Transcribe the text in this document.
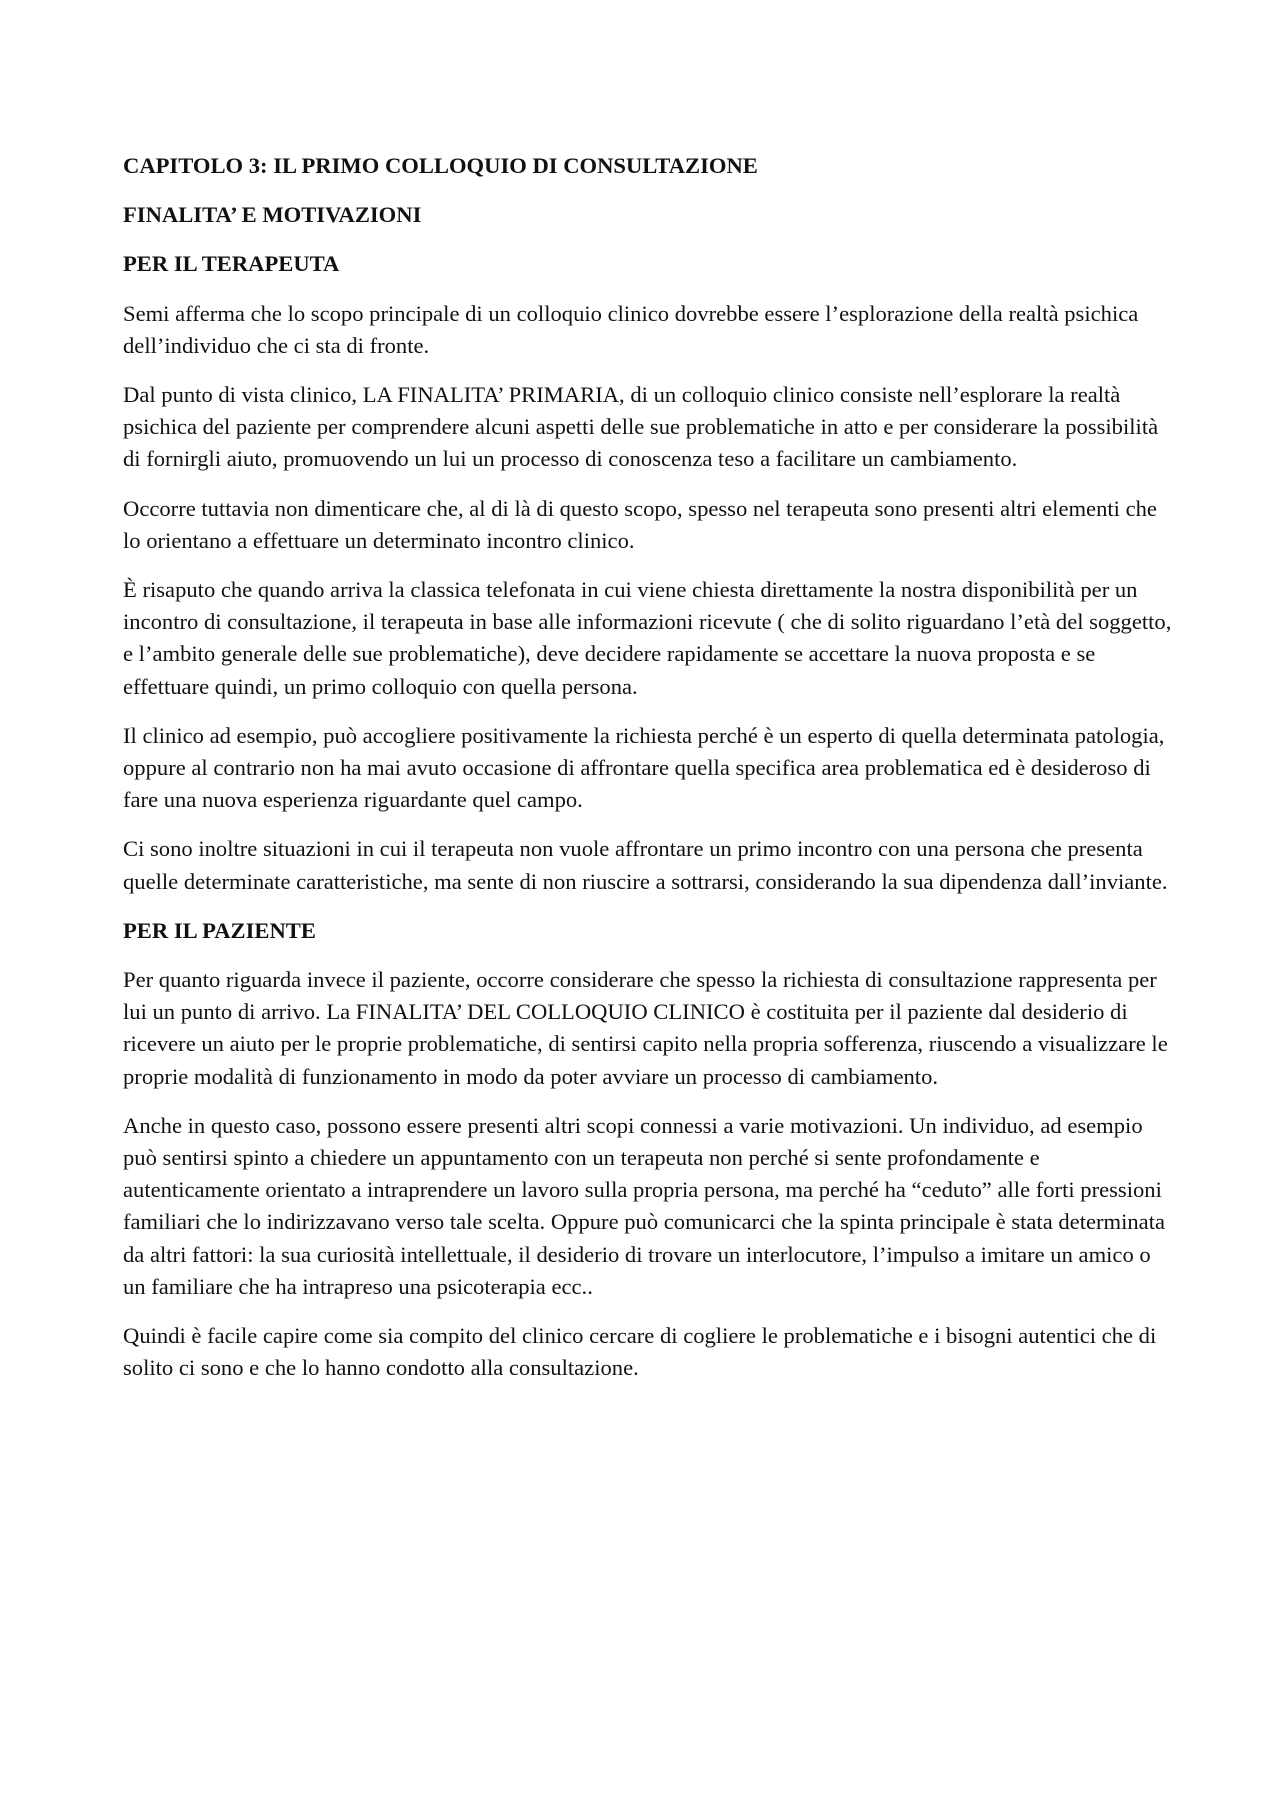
CAPITOLO 3: IL PRIMO COLLOQUIO DI CONSULTAZIONE

FINALITA’ E MOTIVAZIONI

PER IL TERAPEUTA

Semi afferma che lo scopo principale di un colloquio clinico dovrebbe essere l’esplorazione della realtà psichica dell’individuo che ci sta di fronte.

Dal punto di vista clinico, LA FINALITA’ PRIMARIA, di un colloquio clinico consiste nell’esplorare la realtà psichica del paziente per comprendere alcuni aspetti delle sue problematiche in atto e per considerare la possibilità di fornirgli aiuto, promuovendo un lui un processo di conoscenza teso a facilitare un cambiamento.

Occorre tuttavia non dimenticare che, al di là di questo scopo, spesso nel terapeuta sono presenti altri elementi che lo orientano a effettuare un determinato incontro clinico.

È risaputo che quando arriva la classica telefonata in cui viene chiesta direttamente la nostra disponibilità per un incontro di consultazione, il terapeuta in base alle informazioni ricevute ( che di solito riguardano l’età del soggetto, e l’ambito generale delle sue problematiche), deve decidere rapidamente se accettare la nuova proposta e se effettuare quindi, un primo colloquio con quella persona.

Il clinico ad esempio, può accogliere positivamente la richiesta perché è un esperto di quella determinata patologia, oppure al contrario non ha mai avuto occasione di affrontare quella specifica area problematica ed è desideroso di fare una nuova esperienza riguardante quel campo.

Ci sono inoltre situazioni in cui il terapeuta non vuole affrontare un primo incontro con una persona che presenta quelle determinate caratteristiche, ma sente di non riuscire a sottrarsi, considerando la sua dipendenza dall’inviante.

PER IL PAZIENTE

Per quanto riguarda invece il paziente, occorre considerare che spesso la richiesta di consultazione rappresenta per lui un punto di arrivo. La FINALITA’ DEL COLLOQUIO CLINICO è costituita per il paziente dal desiderio di ricevere un aiuto per le proprie problematiche, di sentirsi capito nella propria sofferenza, riuscendo a visualizzare le proprie modalità di funzionamento in modo da poter avviare un processo di cambiamento.

Anche in questo caso, possono essere presenti altri scopi connessi a varie motivazioni. Un individuo, ad esempio può sentirsi spinto a chiedere un appuntamento con un terapeuta non perché si sente profondamente e autenticamente orientato a intraprendere un lavoro sulla propria persona, ma perché ha “ceduto” alle forti pressioni familiari che lo indirizzavano verso tale scelta. Oppure può comunicarci che la spinta principale è stata determinata da altri fattori: la sua curiosità intellettuale, il desiderio di trovare un interlocutore, l’impulso a imitare un amico o un familiare che ha intrapreso una psicoterapia ecc..

Quindi è facile capire come sia compito del clinico cercare di cogliere le problematiche e i bisogni autentici che di solito ci sono e che lo hanno condotto alla consultazione.
